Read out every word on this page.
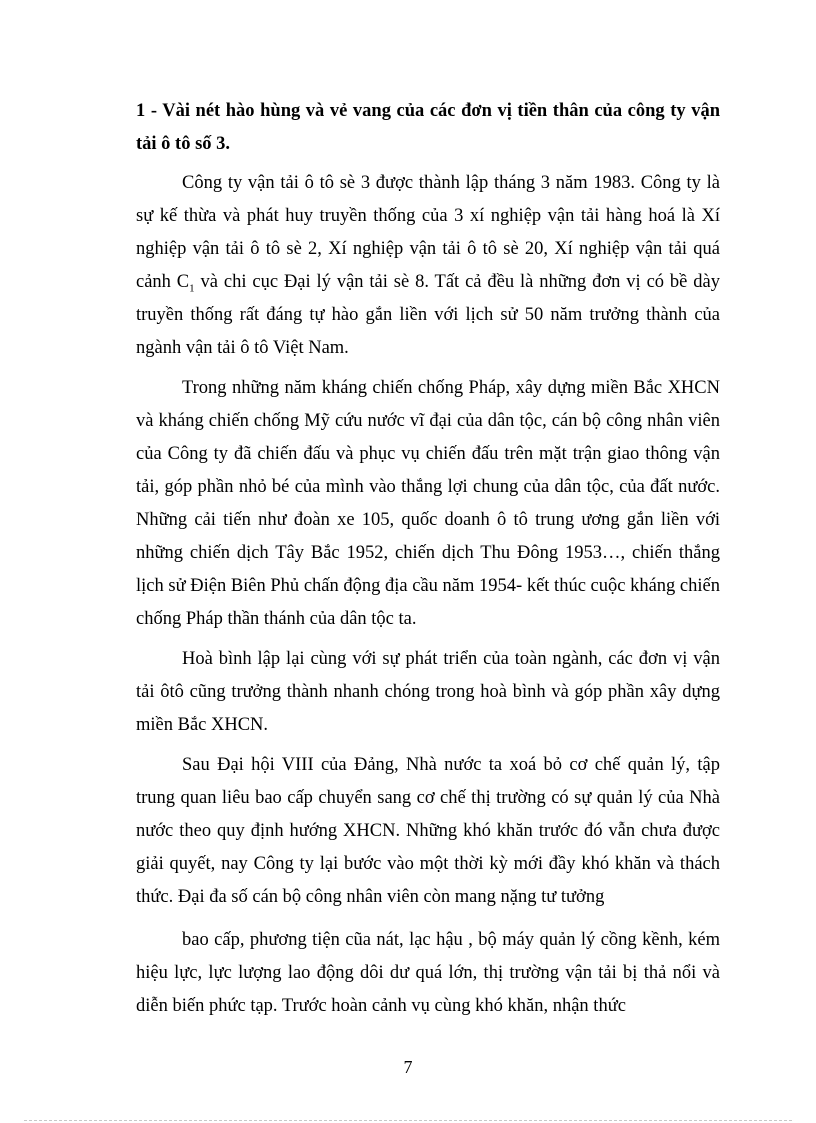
1 - Vài nét hào hùng và vẻ vang của các đơn vị tiền thân của công ty vận tải ô tô số 3.

Công ty vận tải ô tô sè 3 được thành lập tháng 3 năm 1983. Công ty là sự kế thừa và phát huy truyền thống của 3 xí nghiệp vận tải hàng hoá là Xí nghiệp vận tải ô tô sè 2, Xí nghiệp vận tải ô tô sè 20, Xí nghiệp vận tải quá cảnh $C_1$ và chi cục Đại lý vận tải sè 8. Tất cả đều là những đơn vị có bề dày truyền thống rất đáng tự hào gắn liền với lịch sử 50 năm trưởng thành của ngành vận tải ô tô Việt Nam.

Trong những năm kháng chiến chống Pháp, xây dựng miền Bắc XHCN và kháng chiến chống Mỹ cứu nước vĩ đại của dân tộc, cán bộ công nhân viên của Công ty đã chiến đấu và phục vụ chiến đấu trên mặt trận giao thông vận tải, góp phần nhỏ bé của mình vào thắng lợi chung của dân tộc, của đất nước. Những cải tiến như đoàn xe 105, quốc doanh ô tô trung ương gắn liền với những chiến dịch Tây Bắc 1952, chiến dịch Thu Đông 1953…, chiến thắng lịch sử Điện Biên Phủ chấn động địa cầu năm 1954- kết thúc cuộc kháng chiến chống Pháp thần thánh của dân tộc ta.

Hoà bình lập lại cùng với sự phát triển của toàn ngành, các đơn vị vận tải ôtô cũng trưởng thành nhanh chóng trong hoà bình và góp phần xây dựng miền Bắc XHCN.

Sau Đại hội VIII của Đảng, Nhà nước ta xoá bỏ cơ chế quản lý, tập trung quan liêu bao cấp chuyển sang cơ chế thị trường có sự quản lý của Nhà nước theo quy định hướng XHCN. Những khó khăn trước đó vẫn chưa được giải quyết, nay Công ty lại bước vào một thời kỳ mới đầy khó khăn và thách thức. Đại đa số cán bộ công nhân viên còn mang nặng tư tưởng

bao cấp, phương tiện cũa nát, lạc hậu , bộ máy quản lý cồng kềnh, kém hiệu lực, lực lượng lao động dôi dư quá lớn, thị trường vận tải bị thả nổi và diễn biến phức tạp. Trước hoàn cảnh vụ cùng khó khăn, nhận thức

7
